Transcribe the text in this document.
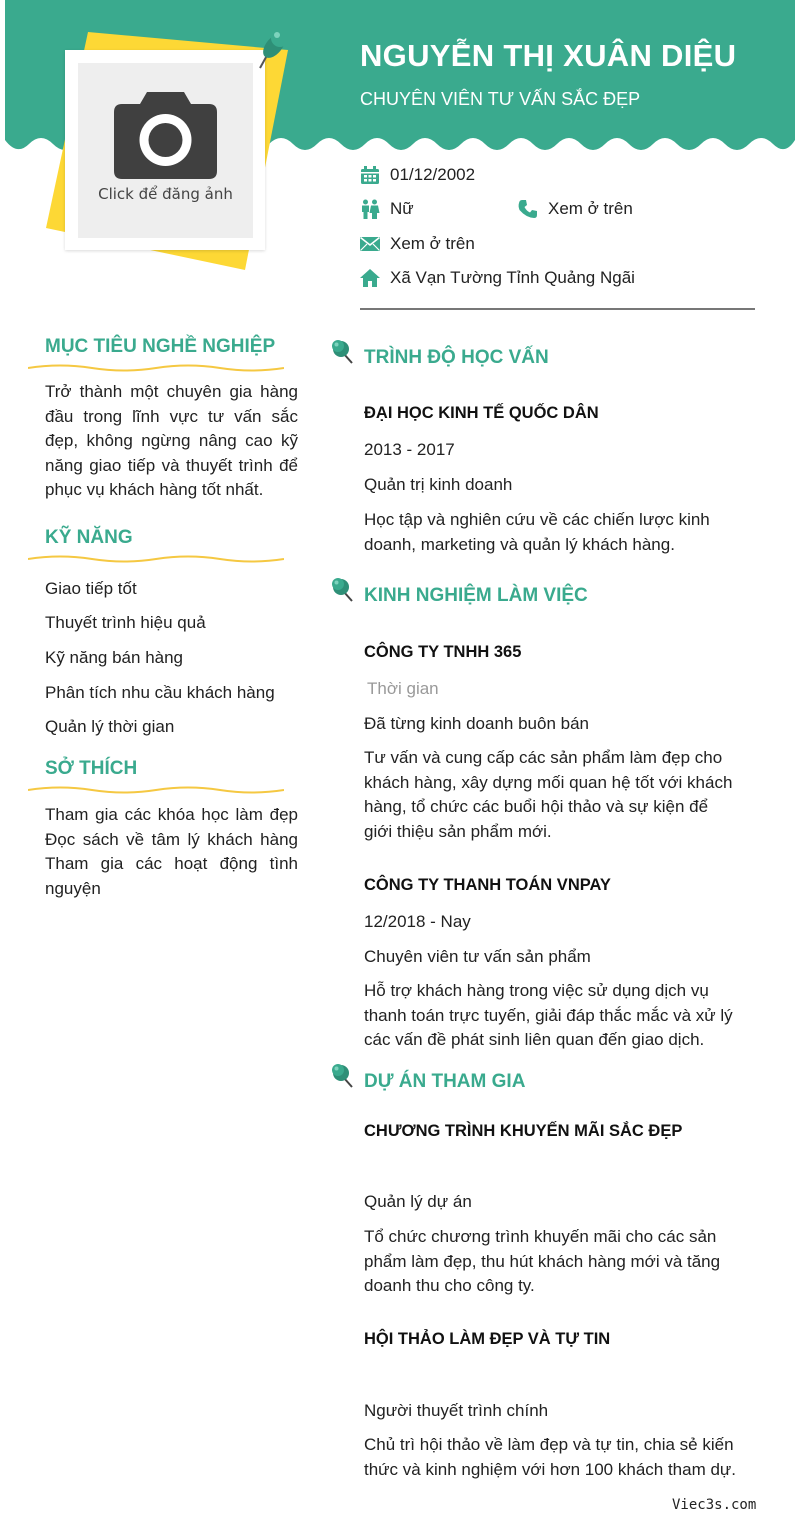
Click để đăng ảnh
NGUYỄN THỊ XUÂN DIỆU
CHUYÊN VIÊN TƯ VẤN SẮC ĐẸP
01/12/2002
Nữ	Xem ở trên
Xem ở trên
Xã Vạn Tường Tỉnh Quảng Ngãi
MỤC TIÊU NGHỀ NGHIỆP
Trở thành một chuyên gia hàng đầu trong lĩnh vực tư vấn sắc đẹp, không ngừng nâng cao kỹ năng giao tiếp và thuyết trình để phục vụ khách hàng tốt nhất.
KỸ NĂNG
Giao tiếp tốt
Thuyết trình hiệu quả
Kỹ năng bán hàng
Phân tích nhu cầu khách hàng
Quản lý thời gian
SỞ THÍCH
Tham gia các khóa học làm đẹp Đọc sách về tâm lý khách hàng Tham gia các hoạt động tình nguyện
TRÌNH ĐỘ HỌC VẤN
ĐẠI HỌC KINH TẾ QUỐC DÂN
2013 - 2017
Quản trị kinh doanh
Học tập và nghiên cứu về các chiến lược kinh doanh, marketing và quản lý khách hàng.
KINH NGHIỆM LÀM VIỆC
CÔNG TY TNHH 365
Thời gian
Đã từng kinh doanh buôn bán
Tư vấn và cung cấp các sản phẩm làm đẹp cho khách hàng, xây dựng mối quan hệ tốt với khách hàng, tổ chức các buổi hội thảo và sự kiện để giới thiệu sản phẩm mới.
CÔNG TY THANH TOÁN VNPAY
12/2018 - Nay
Chuyên viên tư vấn sản phẩm
Hỗ trợ khách hàng trong việc sử dụng dịch vụ thanh toán trực tuyến, giải đáp thắc mắc và xử lý các vấn đề phát sinh liên quan đến giao dịch.
DỰ ÁN THAM GIA
CHƯƠNG TRÌNH KHUYẾN MÃI SẮC ĐẸP
Quản lý dự án
Tổ chức chương trình khuyến mãi cho các sản phẩm làm đẹp, thu hút khách hàng mới và tăng doanh thu cho công ty.
HỘI THẢO LÀM ĐẸP VÀ TỰ TIN
Người thuyết trình chính
Chủ trì hội thảo về làm đẹp và tự tin, chia sẻ kiến thức và kinh nghiệm với hơn 100 khách tham dự.
Viec3s.com
